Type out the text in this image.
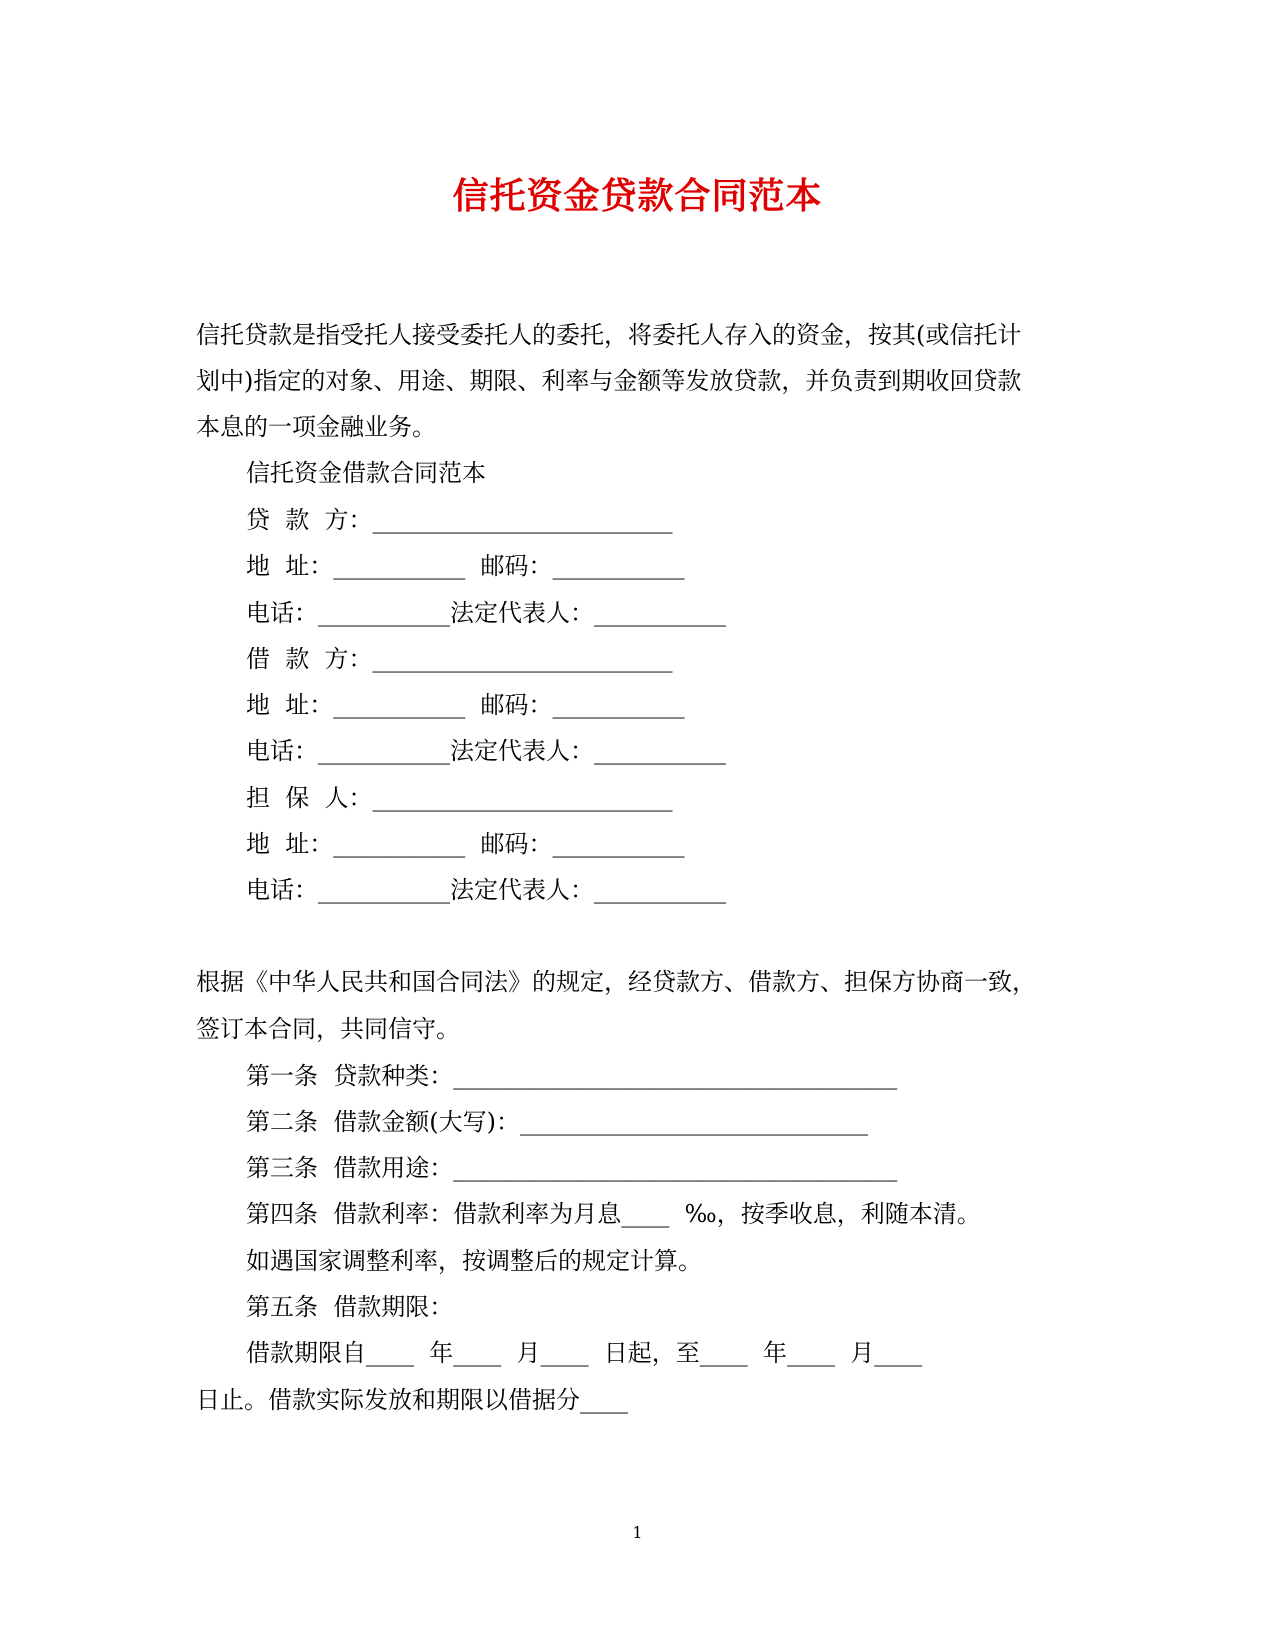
信托资金贷款合同范本

信托贷款是指受托人接受委托人的委托，将委托人存入的资金，按其(或信托计

划中)指定的对象、用途、期限、利率与金额等发放贷款，并负责到期收回贷款

本息的一项金融业务。

信托资金借款合同范本

贷  款  方：_________________________

地  址：___________  邮码：___________

电话：___________法定代表人：___________

借  款  方：_________________________

地  址：___________  邮码：___________

电话：___________法定代表人：___________

担  保  人：_________________________

地  址：___________  邮码：___________

电话：___________法定代表人：___________

根据《中华人民共和国合同法》的规定，经贷款方、借款方、担保方协商一致，

签订本合同，共同信守。

第一条  贷款种类：_____________________________________

第二条  借款金额(大写)：_____________________________

第三条  借款用途：_____________________________________

第四条  借款利率：借款利率为月息____  ‰，按季收息，利随本清。

如遇国家调整利率，按调整后的规定计算。

第五条  借款期限：

借款期限自____  年____  月____  日起，至____  年____  月____

日止。借款实际发放和期限以借据分____

1
